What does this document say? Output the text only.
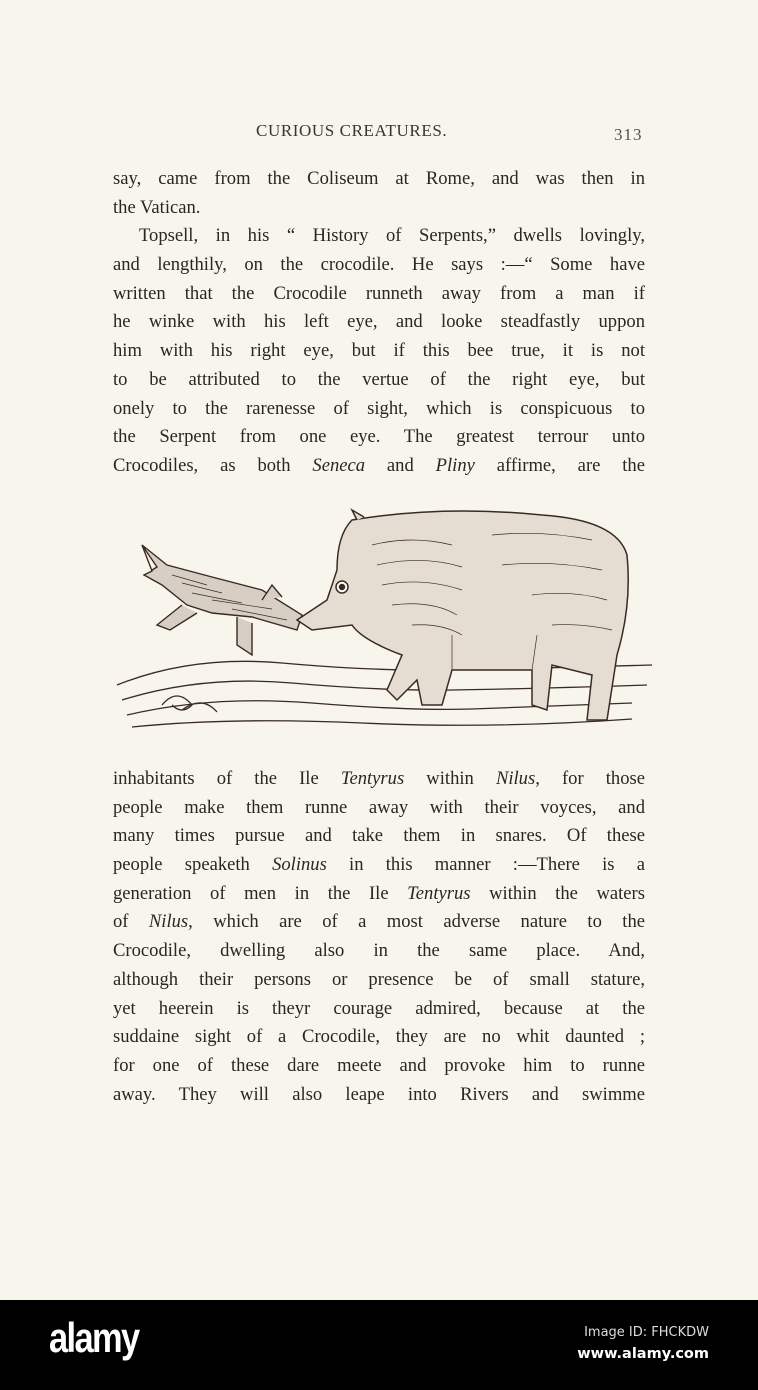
CURIOUS CREATURES.	313
say, came from the Coliseum at Rome, and was then in
the Vatican.
Topsell, in his “ History of Serpents,” dwells lovingly,
and lengthily, on the crocodile. He says :—“ Some have
written that the Crocodile runneth away from a man if
he winke with his left eye, and looke steadfastly uppon
him with his right eye, but if this bee true, it is not
to be attributed to the vertue of the right eye, but
onely to the rarenesse of sight, which is conspicuous to
the Serpent from one eye. The greatest terrour unto
Crocodiles, as both Seneca and Pliny affirme, are the
inhabitants of the Ile Tentyrus within Nilus, for those
people make them runne away with their voyces, and
many times pursue and take them in snares. Of these
people speaketh Solinus in this manner :—There is a
generation of men in the Ile Tentyrus within the waters
of Nilus, which are of a most adverse nature to the
Crocodile, dwelling also in the same place. And,
although their persons or presence be of small stature,
yet heerein is theyr courage admired, because at the
suddaine sight of a Crocodile, they are no whit daunted ;
for one of these dare meete and provoke him to runne
away. They will also leape into Rivers and swimme
alamy	Image ID: FHCKDW
www.alamy.com
